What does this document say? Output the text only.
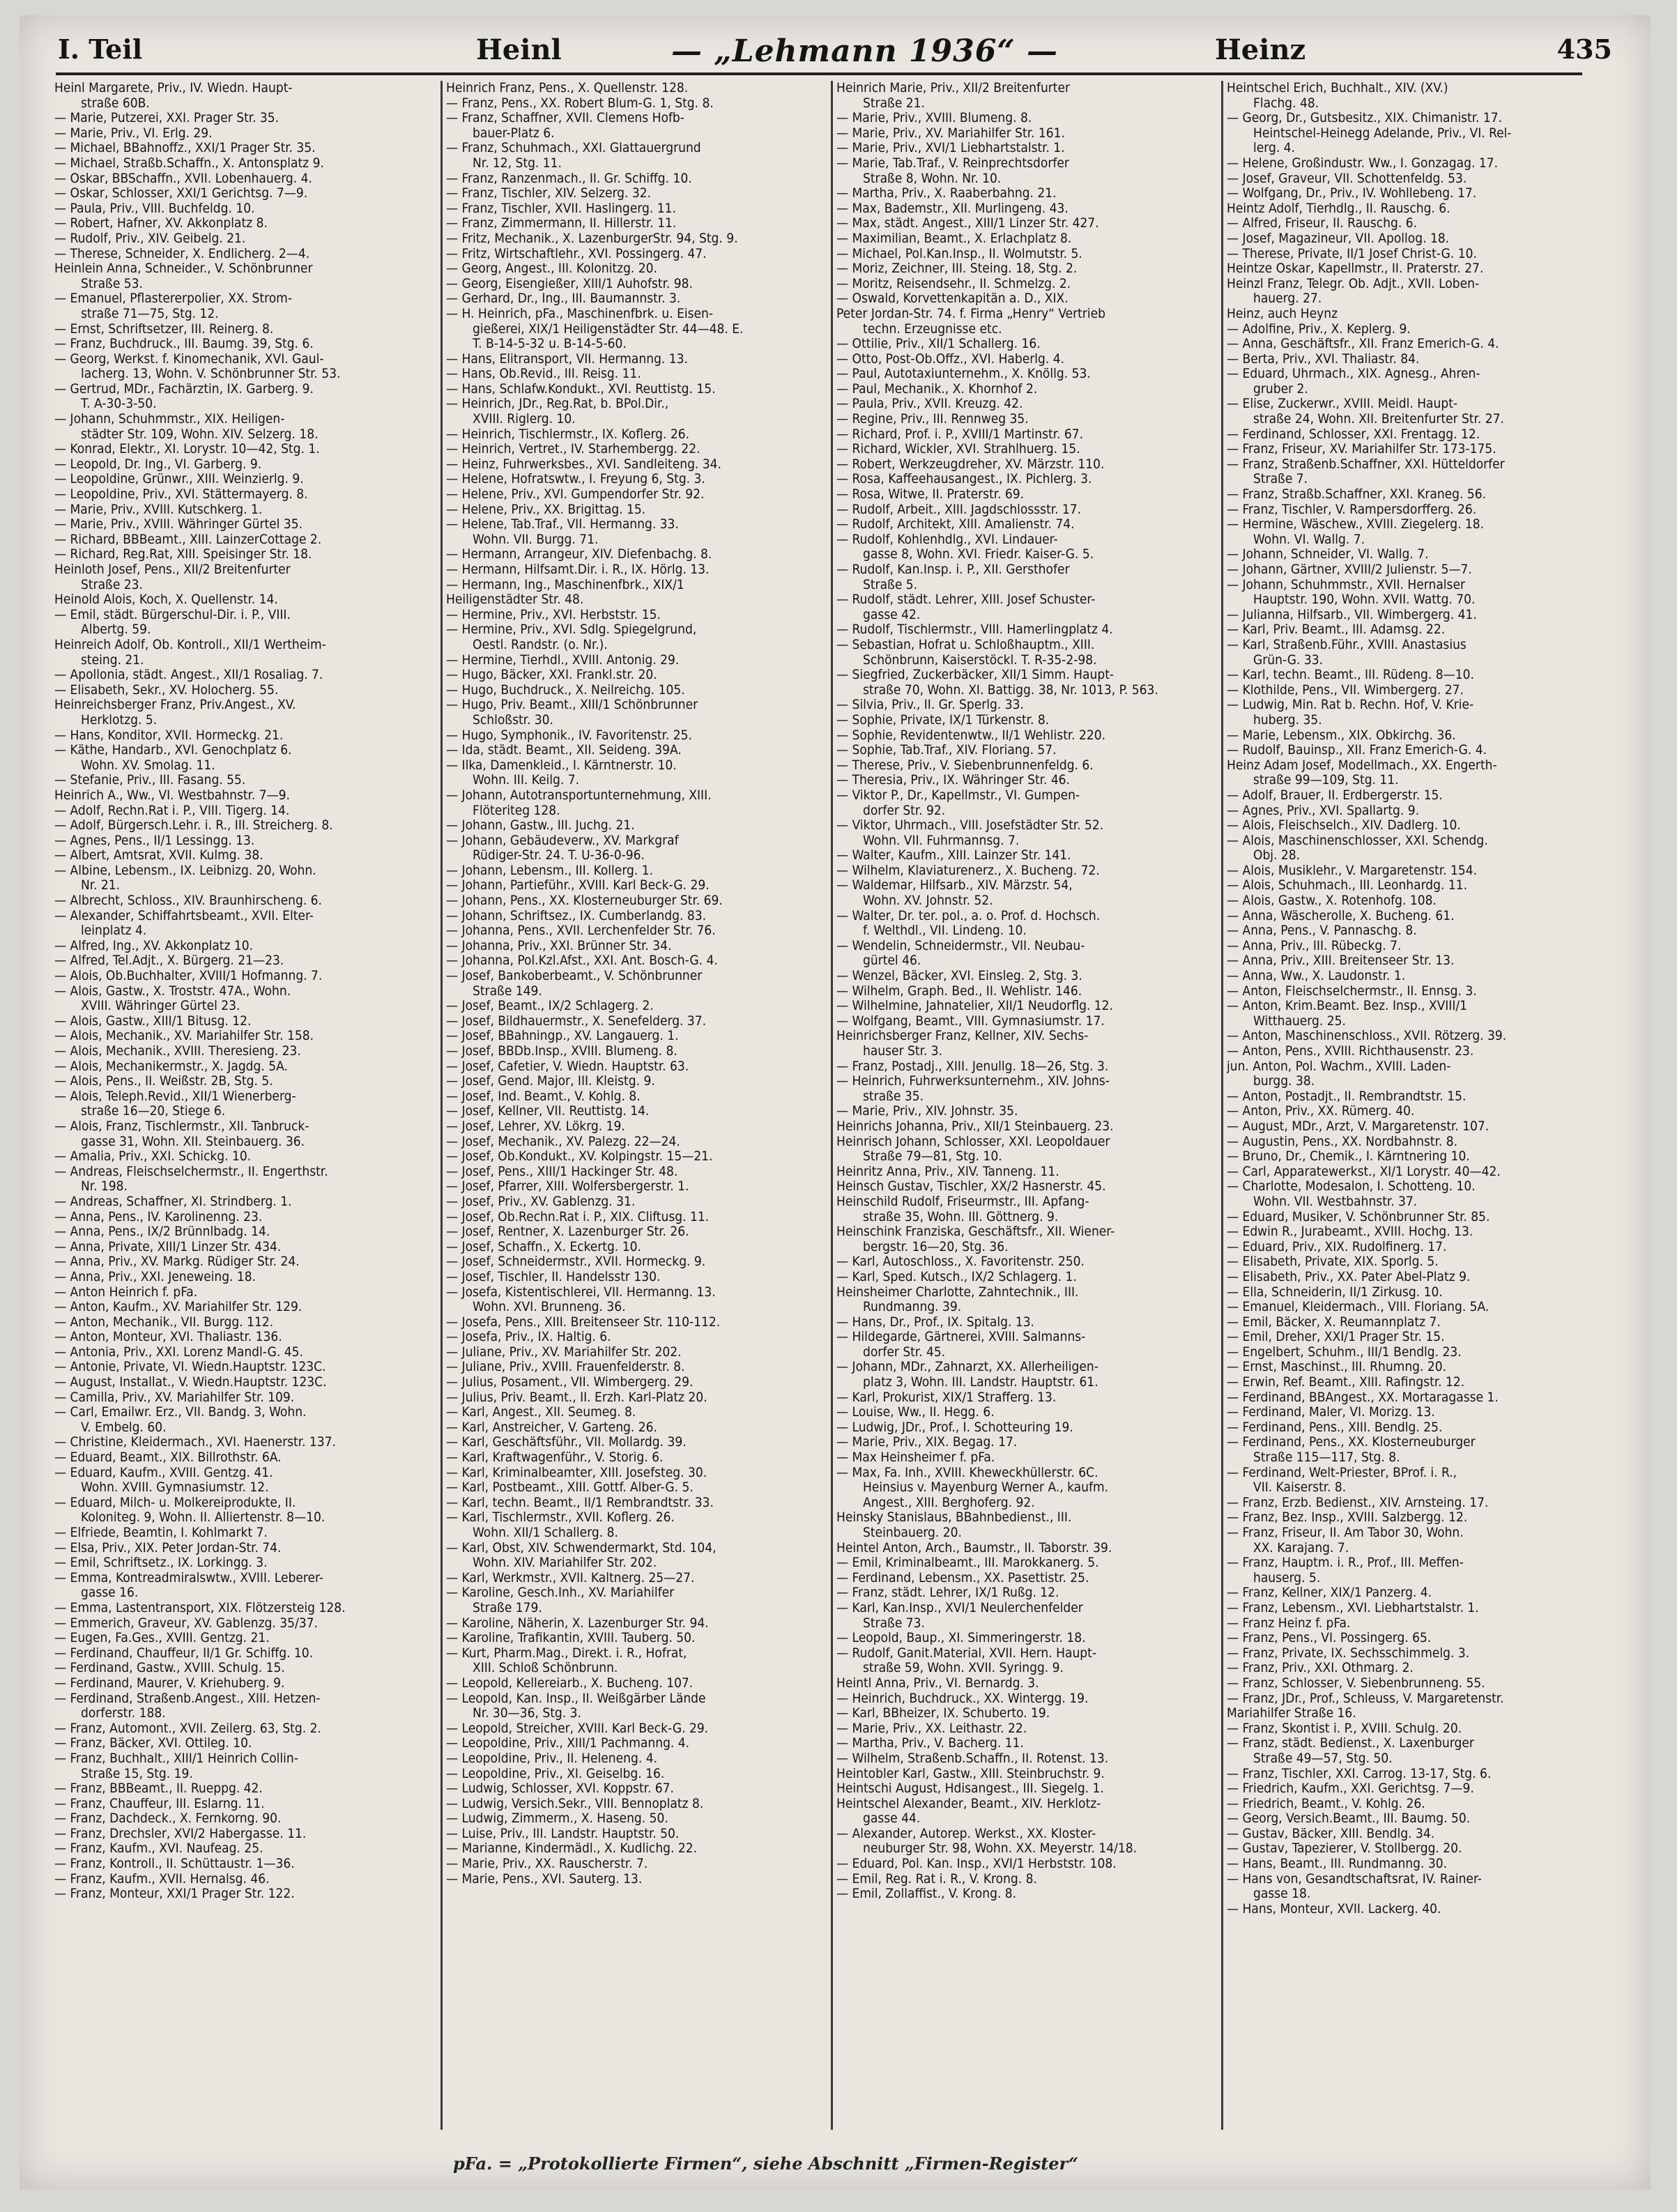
I. Teil	Heinl	— „Lehmann 1936“ —	Heinz	435
Heinl Margarete, Priv., IV. Wiedn. Haupt-
straße 60B.
— Marie, Putzerei, XXI. Prager Str. 35.
— Marie, Priv., VI. Erlg. 29.
— Michael, BBahnoffz., XXI/1 Prager Str. 35.
— Michael, Straßb.Schaffn., X. Antonsplatz 9.
— Oskar, BBSchaffn., XVII. Lobenhauerg. 4.
— Oskar, Schlosser, XXI/1 Gerichtsg. 7—9.
— Paula, Priv., VIII. Buchfeldg. 10.
— Robert, Hafner, XV. Akkonplatz 8.
— Rudolf, Priv., XIV. Geibelg. 21.
— Therese, Schneider, X. Endlicherg. 2—4.
Heinlein Anna, Schneider., V. Schönbrunner
Straße 53.
— Emanuel, Pflastererpolier, XX. Strom-
straße 71—75, Stg. 12.
— Ernst, Schriftsetzer, III. Reinerg. 8.
— Franz, Buchdruck., III. Baumg. 39, Stg. 6.
— Georg, Werkst. f. Kinomechanik, XVI. Gaul-
lacherg. 13, Wohn. V. Schönbrunner Str. 53.
— Gertrud, MDr., Fachärztin, IX. Garberg. 9.
T. A-30-3-50.
— Johann, Schuhmmstr., XIX. Heiligen-
städter Str. 109, Wohn. XIV. Selzerg. 18.
— Konrad, Elektr., XI. Lorystr. 10—42, Stg. 1.
— Leopold, Dr. Ing., VI. Garberg. 9.
— Leopoldine, Grünwr., XIII. Weinzierlg. 9.
— Leopoldine, Priv., XVI. Stättermayerg. 8.
— Marie, Priv., XVIII. Kutschkerg. 1.
— Marie, Priv., XVIII. Währinger Gürtel 35.
— Richard, BBBeamt., XIII. LainzerCottage 2.
— Richard, Reg.Rat, XIII. Speisinger Str. 18.
Heinloth Josef, Pens., XII/2 Breitenfurter
Straße 23.
Heinold Alois, Koch, X. Quellenstr. 14.
— Emil, städt. Bürgerschul-Dir. i. P., VIII.
Albertg. 59.
Heinreich Adolf, Ob. Kontroll., XII/1 Wertheim-
steing. 21.
— Apollonia, städt. Angest., XII/1 Rosaliag. 7.
— Elisabeth, Sekr., XV. Holocherg. 55.
Heinreichsberger Franz, Priv.Angest., XV.
Herklotzg. 5.
— Hans, Konditor, XVII. Hormeckg. 21.
— Käthe, Handarb., XVI. Genochplatz 6.
Wohn. XV. Smolag. 11.
— Stefanie, Priv., III. Fasang. 55.
Heinrich A., Ww., VI. Westbahnstr. 7—9.
— Adolf, Rechn.Rat i. P., VIII. Tigerg. 14.
— Adolf, Bürgersch.Lehr. i. R., III. Streicherg. 8.
— Agnes, Pens., II/1 Lessingg. 13.
— Albert, Amtsrat, XVII. Kulmg. 38.
— Albine, Lebensm., IX. Leibnizg. 20, Wohn.
Nr. 21.
— Albrecht, Schloss., XIV. Braunhirscheng. 6.
— Alexander, Schiffahrtsbeamt., XVII. Elter-
leinplatz 4.
— Alfred, Ing., XV. Akkonplatz 10.
— Alfred, Tel.Adjt., X. Bürgerg. 21—23.
— Alois, Ob.Buchhalter, XVIII/1 Hofmanng. 7.
— Alois, Gastw., X. Troststr. 47A., Wohn.
XVIII. Währinger Gürtel 23.
— Alois, Gastw., XIII/1 Bitusg. 12.
— Alois, Mechanik., XV. Mariahilfer Str. 158.
— Alois, Mechanik., XVIII. Theresieng. 23.
— Alois, Mechanikermstr., X. Jagdg. 5A.
— Alois, Pens., II. Weißstr. 2B, Stg. 5.
— Alois, Teleph.Revid., XII/1 Wienerberg-
straße 16—20, Stiege 6.
— Alois, Franz, Tischlermstr., XII. Tanbruck-
gasse 31, Wohn. XII. Steinbauerg. 36.
— Amalia, Priv., XXI. Schickg. 10.
— Andreas, Fleischselchermstr., II. Engerthstr.
Nr. 198.
— Andreas, Schaffner, XI. Strindberg. 1.
— Anna, Pens., IV. Karolinenng. 23.
— Anna, Pens., IX/2 Brünnlbadg. 14.
— Anna, Private, XIII/1 Linzer Str. 434.
— Anna, Priv., XV. Markg. Rüdiger Str. 24.
— Anna, Priv., XXI. Jeneweing. 18.
— Anton Heinrich f. pFa.
— Anton, Kaufm., XV. Mariahilfer Str. 129.
— Anton, Mechanik., VII. Burgg. 112.
— Anton, Monteur, XVI. Thaliastr. 136.
— Antonia, Priv., XXI. Lorenz Mandl-G. 45.
— Antonie, Private, VI. Wiedn.Hauptstr. 123C.
— August, Installat., V. Wiedn.Hauptstr. 123C.
— Camilla, Priv., XV. Mariahilfer Str. 109.
— Carl, Emailwr. Erz., VII. Bandg. 3, Wohn.
V. Embelg. 60.
— Christine, Kleidermach., XVI. Haenerstr. 137.
— Eduard, Beamt., XIX. Billrothstr. 6A.
— Eduard, Kaufm., XVIII. Gentzg. 41.
Wohn. XVIII. Gymnasiumstr. 12.
— Eduard, Milch- u. Molkereiprodukte, II.
Koloniteg. 9, Wohn. II. Alliertenstr. 8—10.
— Elfriede, Beamtin, I. Kohlmarkt 7.
— Elsa, Priv., XIX. Peter Jordan-Str. 74.
— Emil, Schriftsetz., IX. Lorkingg. 3.
— Emma, Kontreadmiralswtw., XVIII. Leberer-
gasse 16.
— Emma, Lastentransport, XIX. Flötzersteig 128.
— Emmerich, Graveur, XV. Gablenzg. 35/37.
— Eugen, Fa.Ges., XVIII. Gentzg. 21.
— Ferdinand, Chauffeur, II/1 Gr. Schiffg. 10.
— Ferdinand, Gastw., XVIII. Schulg. 15.
— Ferdinand, Maurer, V. Kriehuberg. 9.
— Ferdinand, Straßenb.Angest., XIII. Hetzen-
dorferstr. 188.
— Franz, Automont., XVII. Zeilerg. 63, Stg. 2.
— Franz, Bäcker, XVI. Ottileg. 10.
— Franz, Buchhalt., XIII/1 Heinrich Collin-
Straße 15, Stg. 19.
— Franz, BBBeamt., II. Rueppg. 42.
— Franz, Chauffeur, III. Eslarng. 11.
— Franz, Dachdeck., X. Fernkorng. 90.
— Franz, Drechsler, XVI/2 Habergasse. 11.
— Franz, Kaufm., XVI. Naufeag. 25.
— Franz, Kontroll., II. Schüttaustr. 1—36.
— Franz, Kaufm., XVII. Hernalsg. 46.
— Franz, Monteur, XXI/1 Prager Str. 122.
Heinrich Franz, Pens., X. Quellenstr. 128.
— Franz, Pens., XX. Robert Blum-G. 1, Stg. 8.
— Franz, Schaffner, XVII. Clemens Hofb-
bauer-Platz 6.
— Franz, Schuhmach., XXI. Glattauergrund
Nr. 12, Stg. 11.
— Franz, Ranzenmach., II. Gr. Schiffg. 10.
— Franz, Tischler, XIV. Selzerg. 32.
— Franz, Tischler, XVII. Haslingerg. 11.
— Franz, Zimmermann, II. Hillerstr. 11.
— Fritz, Mechanik., X. LazenburgerStr. 94, Stg. 9.
— Fritz, Wirtschaftlehr., XVI. Possingerg. 47.
— Georg, Angest., III. Kolonitzg. 20.
— Georg, Eisengießer, XIII/1 Auhofstr. 98.
— Gerhard, Dr., Ing., III. Baumannstr. 3.
— H. Heinrich, pFa., Maschinenfbrk. u. Eisen-
gießerei, XIX/1 Heiligenstädter Str. 44—48. E.
T. B-14-5-32 u. B-14-5-60.
— Hans, Elitransport, VII. Hermanng. 13.
— Hans, Ob.Revid., III. Reisg. 11.
— Hans, Schlafw.Kondukt., XVI. Reuttistg. 15.
— Heinrich, JDr., Reg.Rat, b. BPol.Dir.,
XVIII. Riglerg. 10.
— Heinrich, Tischlermstr., IX. Koflerg. 26.
— Heinrich, Vertret., IV. Starhembergg. 22.
— Heinz, Fuhrwerksbes., XVI. Sandleiteng. 34.
— Helene, Hofratswtw., I. Freyung 6, Stg. 3.
— Helene, Priv., XVI. Gumpendorfer Str. 92.
— Helene, Priv., XX. Brigittag. 15.
— Helene, Tab.Traf., VII. Hermanng. 33.
Wohn. VII. Burgg. 71.
— Hermann, Arrangeur, XIV. Diefenbachg. 8.
— Hermann, Hilfsamt.Dir. i. R., IX. Hörlg. 13.
— Hermann, Ing., Maschinenfbrk., XIX/1
Heiligenstädter Str. 48.
— Hermine, Priv., XVI. Herbststr. 15.
— Hermine, Priv., XVI. Sdlg. Spiegelgrund,
Oestl. Randstr. (o. Nr.).
— Hermine, Tierhdl., XVIII. Antonig. 29.
— Hugo, Bäcker, XXI. Frankl.str. 20.
— Hugo, Buchdruck., X. Neilreichg. 105.
— Hugo, Priv. Beamt., XIII/1 Schönbrunner
Schloßstr. 30.
— Hugo, Symphonik., IV. Favoritenstr. 25.
— Ida, städt. Beamt., XII. Seideng. 39A.
— Ilka, Damenkleid., I. Kärntnerstr. 10.
Wohn. III. Keilg. 7.
— Johann, Autotransportunternehmung, XIII.
Flöteriteg 128.
— Johann, Gastw., III. Juchg. 21.
— Johann, Gebäudeverw., XV. Markgraf
Rüdiger-Str. 24. T. U-36-0-96.
— Johann, Lebensm., III. Kollerg. 1.
— Johann, Partieführ., XVIII. Karl Beck-G. 29.
— Johann, Pens., XX. Klosterneuburger Str. 69.
— Johann, Schriftsez., IX. Cumberlandg. 83.
— Johanna, Pens., XVII. Lerchenfelder Str. 76.
— Johanna, Priv., XXI. Brünner Str. 34.
— Johanna, Pol.Kzl.Afst., XXI. Ant. Bosch-G. 4.
— Josef, Bankoberbeamt., V. Schönbrunner
Straße 149.
— Josef, Beamt., IX/2 Schlagerg. 2.
— Josef, Bildhauermstr., X. Senefelderg. 37.
— Josef, BBahningp., XV. Langauerg. 1.
— Josef, BBDb.Insp., XVIII. Blumeng. 8.
— Josef, Cafetier, V. Wiedn. Hauptstr. 63.
— Josef, Gend. Major, III. Kleistg. 9.
— Josef, Ind. Beamt., V. Kohlg. 8.
— Josef, Kellner, VII. Reuttistg. 14.
— Josef, Lehrer, XV. Lökrg. 19.
— Josef, Mechanik., XV. Palezg. 22—24.
— Josef, Ob.Kondukt., XV. Kolpingstr. 15—21.
— Josef, Pens., XIII/1 Hackinger Str. 48.
— Josef, Pfarrer, XIII. Wolfersbergerstr. 1.
— Josef, Priv., XV. Gablenzg. 31.
— Josef, Ob.Rechn.Rat i. P., XIX. Cliftusg. 11.
— Josef, Rentner, X. Lazenburger Str. 26.
— Josef, Schaffn., X. Eckertg. 10.
— Josef, Schneidermstr., XVII. Hormeckg. 9.
— Josef, Tischler, II. Handelsstr 130.
— Josefa, Kistentischlerei, VII. Hermanng. 13.
Wohn. XVI. Brunneng. 36.
— Josefa, Pens., XIII. Breitenseer Str. 110-112.
— Josefa, Priv., IX. Haltig. 6.
— Juliane, Priv., XV. Mariahilfer Str. 202.
— Juliane, Priv., XVIII. Frauenfelderstr. 8.
— Julius, Posament., VII. Wimbergerg. 29.
— Julius, Priv. Beamt., II. Erzh. Karl-Platz 20.
— Karl, Angest., XII. Seumeg. 8.
— Karl, Anstreicher, V. Garteng. 26.
— Karl, Geschäftsführ., VII. Mollardg. 39.
— Karl, Kraftwagenführ., V. Storig. 6.
— Karl, Kriminalbeamter, XIII. Josefsteg. 30.
— Karl, Postbeamt., XIII. Gottf. Alber-G. 5.
— Karl, techn. Beamt., II/1 Rembrandtstr. 33.
— Karl, Tischlermstr., XVII. Koflerg. 26.
Wohn. XII/1 Schallerg. 8.
— Karl, Obst, XIV. Schwendermarkt, Std. 104,
Wohn. XIV. Mariahilfer Str. 202.
— Karl, Werkmstr., XVII. Kaltnerg. 25—27.
— Karoline, Gesch.Inh., XV. Mariahilfer
Straße 179.
— Karoline, Näherin, X. Lazenburger Str. 94.
— Karoline, Trafikantin, XVIII. Tauberg. 50.
— Kurt, Pharm.Mag., Direkt. i. R., Hofrat,
XIII. Schloß Schönbrunn.
— Leopold, Kellereiarb., X. Bucheng. 107.
— Leopold, Kan. Insp., II. Weißgärber Lände
Nr. 30—36, Stg. 3.
— Leopold, Streicher, XVIII. Karl Beck-G. 29.
— Leopoldine, Priv., XIII/1 Pachmanng. 4.
— Leopoldine, Priv., II. Heleneng. 4.
— Leopoldine, Priv., XI. Geiselbg. 16.
— Ludwig, Schlosser, XVI. Koppstr. 67.
— Ludwig, Versich.Sekr., VIII. Bennoplatz 8.
— Ludwig, Zimmerm., X. Haseng. 50.
— Luise, Priv., III. Landstr. Hauptstr. 50.
— Marianne, Kindermädl., X. Kudlichg. 22.
— Marie, Priv., XX. Rauscherstr. 7.
— Marie, Pens., XVI. Sauterg. 13.
Heinrich Marie, Priv., XII/2 Breitenfurter
Straße 21.
— Marie, Priv., XVIII. Blumeng. 8.
— Marie, Priv., XV. Mariahilfer Str. 161.
— Marie, Priv., XVI/1 Liebhartstalstr. 1.
— Marie, Tab.Traf., V. Reinprechtsdorfer
Straße 8, Wohn. Nr. 10.
— Martha, Priv., X. Raaberbahng. 21.
— Max, Bademstr., XII. Murlingeng. 43.
— Max, städt. Angest., XIII/1 Linzer Str. 427.
— Maximilian, Beamt., X. Erlachplatz 8.
— Michael, Pol.Kan.Insp., II. Wolmutstr. 5.
— Moriz, Zeichner, III. Steing. 18, Stg. 2.
— Moritz, Reisendsehr., II. Schmelzg. 2.
— Oswald, Korvettenkapitän a. D., XIX.
Peter Jordan-Str. 74. f. Firma „Henry“ Vertrieb
techn. Erzeugnisse etc.
— Ottilie, Priv., XII/1 Schallerg. 16.
— Otto, Post-Ob.Offz., XVI. Haberlg. 4.
— Paul, Autotaxiunternehm., X. Knöllg. 53.
— Paul, Mechanik., X. Khornhof 2.
— Paula, Priv., XVII. Kreuzg. 42.
— Regine, Priv., III. Rennweg 35.
— Richard, Prof. i. P., XVIII/1 Martinstr. 67.
— Richard, Wickler, XVI. Strahlhuerg. 15.
— Robert, Werkzeugdreher, XV. Märzstr. 110.
— Rosa, Kaffeehausangest., IX. Pichlerg. 3.
— Rosa, Witwe, II. Praterstr. 69.
— Rudolf, Arbeit., XIII. Jagdschlossstr. 17.
— Rudolf, Architekt, XIII. Amalienstr. 74.
— Rudolf, Kohlenhdlg., XVI. Lindauer-
gasse 8, Wohn. XVI. Friedr. Kaiser-G. 5.
— Rudolf, Kan.Insp. i. P., XII. Gersthofer
Straße 5.
— Rudolf, städt. Lehrer, XIII. Josef Schuster-
gasse 42.
— Rudolf, Tischlermstr., VIII. Hamerlingplatz 4.
— Sebastian, Hofrat u. Schloßhauptm., XIII.
Schönbrunn, Kaiserstöckl. T. R-35-2-98.
— Siegfried, Zuckerbäcker, XII/1 Simm. Haupt-
straße 70, Wohn. XI. Battigg. 38, Nr. 1013, P. 563.
— Silvia, Priv., II. Gr. Sperlg. 33.
— Sophie, Private, IX/1 Türkenstr. 8.
— Sophie, Revidentenwtw., II/1 Wehlistr. 220.
— Sophie, Tab.Traf., XIV. Floriang. 57.
— Therese, Priv., V. Siebenbrunnenfeldg. 6.
— Theresia, Priv., IX. Währinger Str. 46.
— Viktor P., Dr., Kapellmstr., VI. Gumpen-
dorfer Str. 92.
— Viktor, Uhrmach., VIII. Josefstädter Str. 52.
Wohn. VII. Fuhrmannsg. 7.
— Walter, Kaufm., XIII. Lainzer Str. 141.
— Wilhelm, Klaviaturenerz., X. Bucheng. 72.
— Waldemar, Hilfsarb., XIV. Märzstr. 54,
Wohn. XV. Johnstr. 52.
— Walter, Dr. ter. pol., a. o. Prof. d. Hochsch.
f. Welthdl., VII. Lindeng. 10.
— Wendelin, Schneidermstr., VII. Neubau-
gürtel 46.
— Wenzel, Bäcker, XVI. Einsleg. 2, Stg. 3.
— Wilhelm, Graph. Bed., II. Wehlistr. 146.
— Wilhelmine, Jahnatelier, XII/1 Neudorflg. 12.
— Wolfgang, Beamt., VIII. Gymnasiumstr. 17.
Heinrichsberger Franz, Kellner, XIV. Sechs-
hauser Str. 3.
— Franz, Postadj., XIII. Jenullg. 18—26, Stg. 3.
— Heinrich, Fuhrwerksunternehm., XIV. Johns-
straße 35.
— Marie, Priv., XIV. Johnstr. 35.
Heinrichs Johanna, Priv., XII/1 Steinbauerg. 23.
Heinrisch Johann, Schlosser, XXI. Leopoldauer
Straße 79—81, Stg. 10.
Heinritz Anna, Priv., XIV. Tanneng. 11.
Heinsch Gustav, Tischler, XX/2 Hasnerstr. 45.
Heinschild Rudolf, Friseurmstr., III. Apfang-
straße 35, Wohn. III. Göttnerg. 9.
Heinschink Franziska, Geschäftsfr., XII. Wiener-
bergstr. 16—20, Stg. 36.
— Karl, Autoschloss., X. Favoritenstr. 250.
— Karl, Sped. Kutsch., IX/2 Schlagerg. 1.
Heinsheimer Charlotte, Zahntechnik., III.
Rundmanng. 39.
— Hans, Dr., Prof., IX. Spitalg. 13.
— Hildegarde, Gärtnerei, XVIII. Salmanns-
dorfer Str. 45.
— Johann, MDr., Zahnarzt, XX. Allerheiligen-
platz 3, Wohn. III. Landstr. Hauptstr. 61.
— Karl, Prokurist, XIX/1 Strafferg. 13.
— Louise, Ww., II. Hegg. 6.
— Ludwig, JDr., Prof., I. Schotteuring 19.
— Marie, Priv., XIX. Begag. 17.
— Max Heinsheimer f. pFa.
— Max, Fa. Inh., XVIII. Kheweckhüllerstr. 6C.
Heinsius v. Mayenburg Werner A., kaufm.
Angest., XIII. Berghoferg. 92.
Heinsky Stanislaus, BBahnbedienst., III.
Steinbauerg. 20.
Heintel Anton, Arch., Baumstr., II. Taborstr. 39.
— Emil, Kriminalbeamt., III. Marokkanerg. 5.
— Ferdinand, Lebensm., XX. Pasettistr. 25.
— Franz, städt. Lehrer, IX/1 Rußg. 12.
— Karl, Kan.Insp., XVI/1 Neulerchenfelder
Straße 73.
— Leopold, Baup., XI. Simmeringerstr. 18.
— Rudolf, Ganit.Material, XVII. Hern. Haupt-
straße 59, Wohn. XVII. Syringg. 9.
Heintl Anna, Priv., VI. Bernardg. 3.
— Heinrich, Buchdruck., XX. Wintergg. 19.
— Karl, BBheizer, IX. Schuberto. 19.
— Marie, Priv., XX. Leithastr. 22.
— Martha, Priv., V. Bacherg. 11.
— Wilhelm, Straßenb.Schaffn., II. Rotenst. 13.
Heintobler Karl, Gastw., XIII. Steinbruchstr. 9.
Heintschi August, Hdisangest., III. Siegelg. 1.
Heintschel Alexander, Beamt., XIV. Herklotz-
gasse 44.
— Alexander, Autorep. Werkst., XX. Kloster-
neuburger Str. 98, Wohn. XX. Meyerstr. 14/18.
— Eduard, Pol. Kan. Insp., XVI/1 Herbststr. 108.
— Emil, Reg. Rat i. R., V. Krong. 8.
— Emil, Zollaffist., V. Krong. 8.
Heintschel Erich, Buchhalt., XIV. (XV.)
Flachg. 48.
— Georg, Dr., Gutsbesitz., XIX. Chimanistr. 17.
Heintschel-Heinegg Adelande, Priv., VI. Rel-
lerg. 4.
— Helene, Großindustr. Ww., I. Gonzagag. 17.
— Josef, Graveur, VII. Schottenfeldg. 53.
— Wolfgang, Dr., Priv., IV. Wohllebeng. 17.
Heintz Adolf, Tierhdlg., II. Rauschg. 6.
— Alfred, Friseur, II. Rauschg. 6.
— Josef, Magazineur, VII. Apollog. 18.
— Therese, Private, II/1 Josef Christ-G. 10.
Heintze Oskar, Kapellmstr., II. Praterstr. 27.
Heinzl Franz, Telegr. Ob. Adjt., XVII. Loben-
hauerg. 27.
Heinz, auch Heynz
— Adolfine, Priv., X. Keplerg. 9.
— Anna, Geschäftsfr., XII. Franz Emerich-G. 4.
— Berta, Priv., XVI. Thaliastr. 84.
— Eduard, Uhrmach., XIX. Agnesg., Ahren-
gruber 2.
— Elise, Zuckerwr., XVIII. Meidl. Haupt-
straße 24, Wohn. XII. Breitenfurter Str. 27.
— Ferdinand, Schlosser, XXI. Frentagg. 12.
— Franz, Friseur, XV. Mariahilfer Str. 173-175.
— Franz, Straßenb.Schaffner, XXI. Hütteldorfer
Straße 7.
— Franz, Straßb.Schaffner, XXI. Kraneg. 56.
— Franz, Tischler, V. Rampersdorfferg. 26.
— Hermine, Wäschew., XVIII. Ziegelerg. 18.
Wohn. VI. Wallg. 7.
— Johann, Schneider, VI. Wallg. 7.
— Johann, Gärtner, XVIII/2 Julienstr. 5—7.
— Johann, Schuhmmstr., XVII. Hernalser
Hauptstr. 190, Wohn. XVII. Wattg. 70.
— Julianna, Hilfsarb., VII. Wimbergerg. 41.
— Karl, Priv. Beamt., III. Adamsg. 22.
— Karl, Straßenb.Führ., XVIII. Anastasius
Grün-G. 33.
— Karl, techn. Beamt., III. Rüdeng. 8—10.
— Klothilde, Pens., VII. Wimbergerg. 27.
— Ludwig, Min. Rat b. Rechn. Hof, V. Krie-
huberg. 35.
— Marie, Lebensm., XIX. Obkirchg. 36.
— Rudolf, Bauinsp., XII. Franz Emerich-G. 4.
Heinz Adam Josef, Modellmach., XX. Engerth-
straße 99—109, Stg. 11.
— Adolf, Brauer, II. Erdbergerstr. 15.
— Agnes, Priv., XVI. Spallartg. 9.
— Alois, Fleischselch., XIV. Dadlerg. 10.
— Alois, Maschinenschlosser, XXI. Schendg.
Obj. 28.
— Alois, Musiklehr., V. Margaretenstr. 154.
— Alois, Schuhmach., III. Leonhardg. 11.
— Alois, Gastw., X. Rotenhofg. 108.
— Anna, Wäscherolle, X. Bucheng. 61.
— Anna, Pens., V. Pannaschg. 8.
— Anna, Priv., III. Rübeckg. 7.
— Anna, Priv., XIII. Breitenseer Str. 13.
— Anna, Ww., X. Laudonstr. 1.
— Anton, Fleischselchermstr., II. Ennsg. 3.
— Anton, Krim.Beamt. Bez. Insp., XVIII/1
Witthauerg. 25.
— Anton, Maschinenschloss., XVII. Rötzerg. 39.
— Anton, Pens., XVIII. Richthausenstr. 23.
jun. Anton, Pol. Wachm., XVIII. Laden-
burgg. 38.
— Anton, Postadjt., II. Rembrandtstr. 15.
— Anton, Priv., XX. Rümerg. 40.
— August, MDr., Arzt, V. Margaretenstr. 107.
— Augustin, Pens., XX. Nordbahnstr. 8.
— Bruno, Dr., Chemik., I. Kärntnering 10.
— Carl, Apparatewerkst., XI/1 Lorystr. 40—42.
— Charlotte, Modesalon, I. Schotteng. 10.
Wohn. VII. Westbahnstr. 37.
— Eduard, Musiker, V. Schönbrunner Str. 85.
— Edwin R., Jurabeamt., XVIII. Hochg. 13.
— Eduard, Priv., XIX. Rudolfinerg. 17.
— Elisabeth, Private, XIX. Sporlg. 5.
— Elisabeth, Priv., XX. Pater Abel-Platz 9.
— Ella, Schneiderin, II/1 Zirkusg. 10.
— Emanuel, Kleidermach., VIII. Floriang. 5A.
— Emil, Bäcker, X. Reumannplatz 7.
— Emil, Dreher, XXI/1 Prager Str. 15.
— Engelbert, Schuhm., III/1 Bendlg. 23.
— Ernst, Maschinst., III. Rhumng. 20.
— Erwin, Ref. Beamt., XIII. Rafingstr. 12.
— Ferdinand, BBAngest., XX. Mortaragasse 1.
— Ferdinand, Maler, VI. Morizg. 13.
— Ferdinand, Pens., XIII. Bendlg. 25.
— Ferdinand, Pens., XX. Klosterneuburger
Straße 115—117, Stg. 8.
— Ferdinand, Welt-Priester, BProf. i. R.,
VII. Kaiserstr. 8.
— Franz, Erzb. Bedienst., XIV. Arnsteing. 17.
— Franz, Bez. Insp., XVIII. Salzbergg. 12.
— Franz, Friseur, II. Am Tabor 30, Wohn.
XX. Karajang. 7.
— Franz, Hauptm. i. R., Prof., III. Meffen-
hauserg. 5.
— Franz, Kellner, XIX/1 Panzerg. 4.
— Franz, Lebensm., XVI. Liebhartstalstr. 1.
— Franz Heinz f. pFa.
— Franz, Pens., VI. Possingerg. 65.
— Franz, Private, IX. Sechsschimmelg. 3.
— Franz, Priv., XXI. Othmarg. 2.
— Franz, Schlosser, V. Siebenbrunneng. 55.
— Franz, JDr., Prof., Schleuss, V. Margaretenstr.
Mariahilfer Straße 16.
— Franz, Skontist i. P., XVIII. Schulg. 20.
— Franz, städt. Bedienst., X. Laxenburger
Straße 49—57, Stg. 50.
— Franz, Tischler, XXI. Carrog. 13-17, Stg. 6.
— Friedrich, Kaufm., XXI. Gerichtsg. 7—9.
— Friedrich, Beamt., V. Kohlg. 26.
— Georg, Versich.Beamt., III. Baumg. 50.
— Gustav, Bäcker, XIII. Bendlg. 34.
— Gustav, Tapezierer, V. Stollbergg. 20.
— Hans, Beamt., III. Rundmanng. 30.
— Hans von, Gesandtschaftsrat, IV. Rainer-
gasse 18.
— Hans, Monteur, XVII. Lackerg. 40.
pFa. = „Protokollierte Firmen“, siehe Abschnitt „Firmen-Register“
